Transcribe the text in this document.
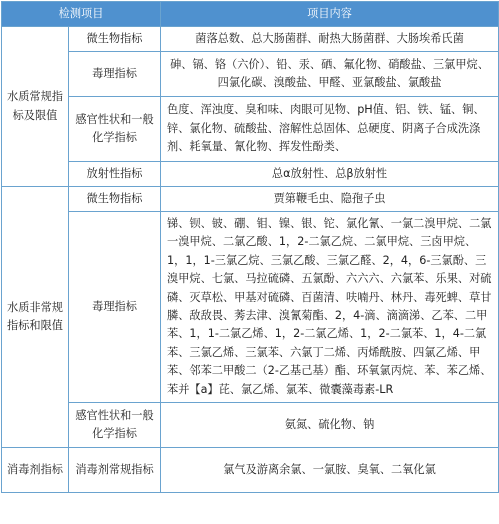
检测项目		项目内容
水质常规指标及限值	微生物指标	菌落总数、总大肠菌群、耐热大肠菌群、大肠埃希氏菌
	毒理指标	砷、镉、铬（六价）、铅、汞、硒、氟化物、硝酸盐、三氯甲烷、四氯化碳、溴酸盐、甲醛、亚氯酸盐、氯酸盐
	感官性状和一般化学指标	色度、浑浊度、臭和味、肉眼可见物、pH值、铝、铁、锰、铜、锌、氯化物、硫酸盐、溶解性总固体、总硬度、阴离子合成洗涤剂、耗氧量、氰化物、挥发性酚类、
	放射性指标	总α放射性、总β放射性
水质非常规指标和限值	微生物指标	贾第鞭毛虫、隐孢子虫
	毒理指标	锑、钡、铍、硼、钼、镍、银、铊、氯化氰、一氯二溴甲烷、二氯一溴甲烷、二氯乙酸、1，2-二氯乙烷、二氯甲烷、三卤甲烷、1，1，1-三氯乙烷、三氯乙酸、三氯乙醛、2，4，6-三氯酚、三溴甲烷、七氯、马拉硫磷、五氯酚、六六六、六氯苯、乐果、对硫磷、灭草松、甲基对硫磷、百菌清、呋喃丹、林丹、毒死蜱、草甘膦、敌敌畏、莠去津、溴氰菊酯、2，4-滴、滴滴涕、乙苯、二甲苯、1，1-二氯乙烯、1，2-二氯乙烯、1，2-二氯苯、1，4-二氯苯、三氯乙烯、三氯苯、六氯丁二烯、丙烯酰胺、四氯乙烯、甲苯、邻苯二甲酸二（2-乙基己基）酯、环氧氯丙烷、苯、苯乙烯、苯并【a】芘、氯乙烯、氯苯、微囊藻毒素-LR
	感官性状和一般化学指标	氨氮、硫化物、钠
消毒剂指标	消毒剂常规指标	氯气及游离余氯、一氯胺、臭氧、二氧化氯
